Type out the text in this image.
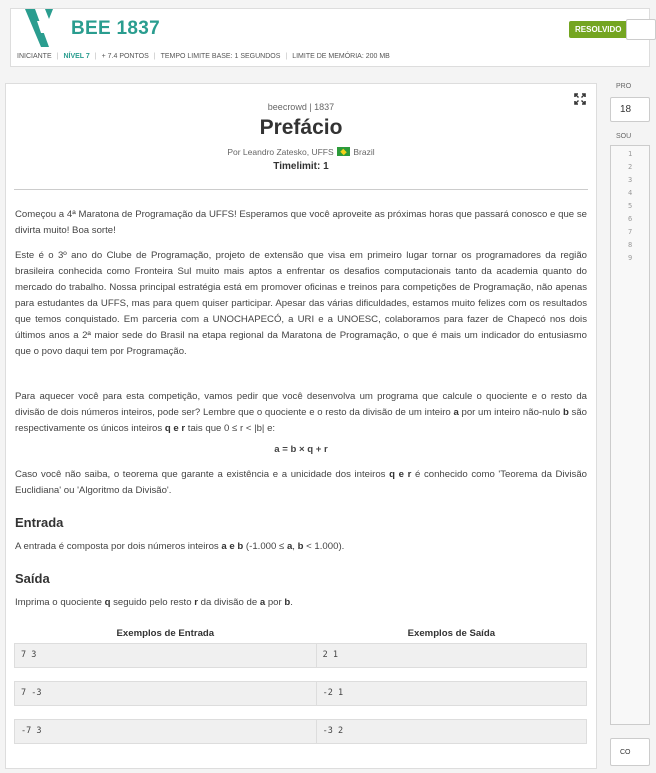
BEE 1837	RESOLVIDO
INICIANTE | NÍVEL 7 | + 7.4 PONTOS | TEMPO LIMITE BASE: 1 SEGUNDOS | LIMITE DE MEMÓRIA: 200 MB
beecrowd | 1837
Prefácio
Por Leandro Zatesko, UFFS Brazil
Timelimit: 1

Começou a 4ª Maratona de Programação da UFFS! Esperamos que você aproveite as próximas horas que passará conosco e que se divirta muito! Boa sorte!

Este é o 3º ano do Clube de Programação, projeto de extensão que visa em primeiro lugar tornar os programadores da região brasileira conhecida como Fronteira Sul muito mais aptos a enfrentar os desafios computacionais tanto da academia quanto do mercado do trabalho. Nossa principal estratégia está em promover oficinas e treinos para competições de Programação, não apenas para estudantes da UFFS, mas para quem quiser participar. Apesar das várias dificuldades, estamos muito felizes com os resultados que temos conquistado. Em parceria com a UNOCHAPECÓ, a URI e a UNOESC, colaboramos para fazer de Chapecó nos dois últimos anos a 2ª maior sede do Brasil na etapa regional da Maratona de Programação, o que é mais um indicador do entusiasmo que o povo daqui tem por Programação.

Para aquecer você para esta competição, vamos pedir que você desenvolva um programa que calcule o quociente e o resto da divisão de dois números inteiros, pode ser? Lembre que o quociente e o resto da divisão de um inteiro a por um inteiro não-nulo b são respectivamente os únicos inteiros q e r tais que 0 ≤ r < |b| e:

a = b × q + r

Caso você não saiba, o teorema que garante a existência e a unicidade dos inteiros q e r é conhecido como 'Teorema da Divisão Euclidiana' ou 'Algoritmo da Divisão'.

Entrada

A entrada é composta por dois números inteiros a e b (-1.000 ≤ a, b < 1.000).

Saída

Imprima o quociente q seguido pelo resto r da divisão de a por b.

Exemplos de Entrada	Exemplos de Saída
7 3	2 1

7 -3	-2 1

-7 3	-3 2
PRO
18
SOU
1
2
3
4
5
6
7
8
9
CO
